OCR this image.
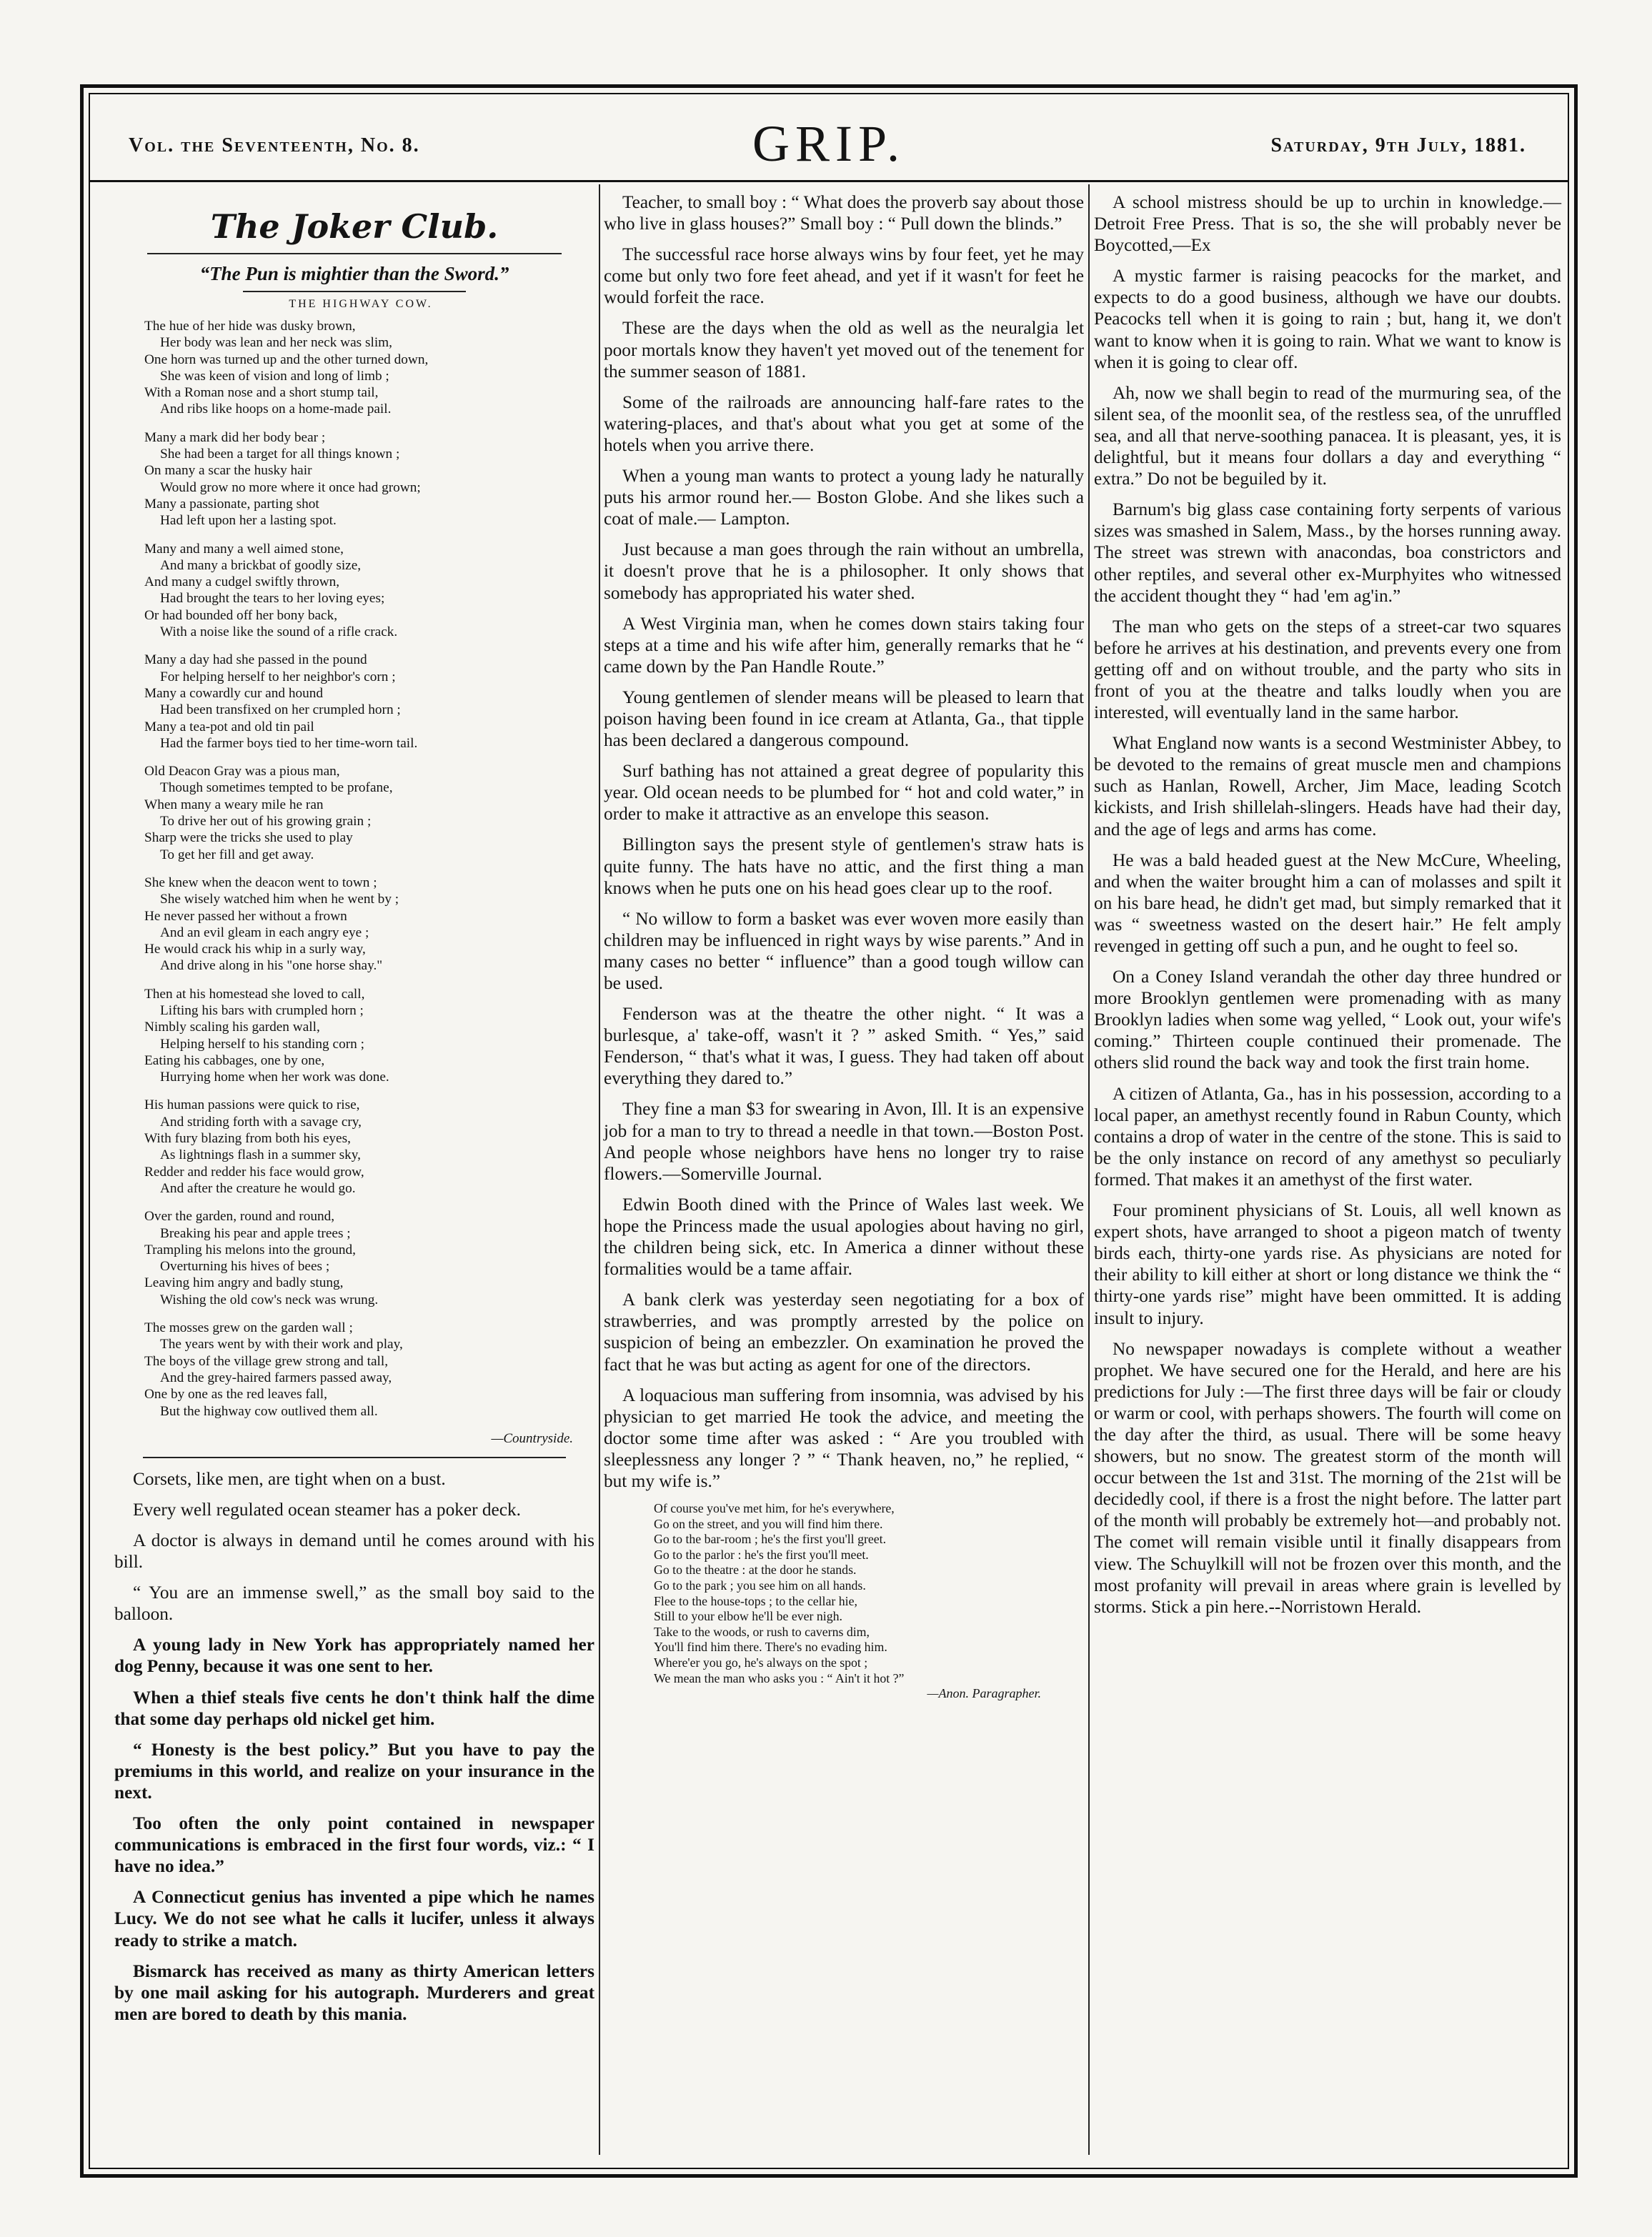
Vol. the Seventeenth, No. 8.	GRIP.	Saturday, 9th July, 1881.
The Joker Club.
“The Pun is mightier than the Sword.”
THE HIGHWAY COW.
The hue of her hide was dusky brown,
Her body was lean and her neck was slim,
One horn was turned up and the other turned down,
She was keen of vision and long of limb ;
With a Roman nose and a short stump tail,
And ribs like hoops on a home-made pail.
Many a mark did her body bear ;
She had been a target for all things known ;
On many a scar the husky hair
Would grow no more where it once had grown;
Many a passionate, parting shot
Had left upon her a lasting spot.
Many and many a well aimed stone,
And many a brickbat of goodly size,
And many a cudgel swiftly thrown,
Had brought the tears to her loving eyes;
Or had bounded off her bony back,
With a noise like the sound of a rifle crack.
Many a day had she passed in the pound
For helping herself to her neighbor's corn ;
Many a cowardly cur and hound
Had been transfixed on her crumpled horn ;
Many a tea-pot and old tin pail
Had the farmer boys tied to her time-worn tail.
Old Deacon Gray was a pious man,
Though sometimes tempted to be profane,
When many a weary mile he ran
To drive her out of his growing grain ;
Sharp were the tricks she used to play
To get her fill and get away.
She knew when the deacon went to town ;
She wisely watched him when he went by ;
He never passed her without a frown
And an evil gleam in each angry eye ;
He would crack his whip in a surly way,
And drive along in his "one horse shay."
Then at his homestead she loved to call,
Lifting his bars with crumpled horn ;
Nimbly scaling his garden wall,
Helping herself to his standing corn ;
Eating his cabbages, one by one,
Hurrying home when her work was done.
His human passions were quick to rise,
And striding forth with a savage cry,
With fury blazing from both his eyes,
As lightnings flash in a summer sky,
Redder and redder his face would grow,
And after the creature he would go.
Over the garden, round and round,
Breaking his pear and apple trees ;
Trampling his melons into the ground,
Overturning his hives of bees ;
Leaving him angry and badly stung,
Wishing the old cow's neck was wrung.
The mosses grew on the garden wall ;
The years went by with their work and play,
The boys of the village grew strong and tall,
And the grey-haired farmers passed away,
One by one as the red leaves fall,
But the highway cow outlived them all.
—Countryside.

Corsets, like men, are tight when on a bust.

Every well regulated ocean steamer has a poker deck.

A doctor is always in demand until he comes around with his bill.

“ You are an immense swell,” as the small boy said to the balloon.

A young lady in New York has appropriately named her dog Penny, because it was one sent to her.

When a thief steals five cents he don't think half the dime that some day perhaps old nickel get him.

“ Honesty is the best policy.” But you have to pay the premiums in this world, and realize on your insurance in the next.

Too often the only point contained in newspaper communications is embraced in the first four words, viz.: “ I have no idea.”

A Connecticut genius has invented a pipe which he names Lucy. We do not see what he calls it lucifer, unless it always ready to strike a match.

Bismarck has received as many as thirty American letters by one mail asking for his autograph. Murderers and great men are bored to death by this mania.

Teacher, to small boy : “ What does the proverb say about those who live in glass houses?” Small boy : “ Pull down the blinds.”

The successful race horse always wins by four feet, yet he may come but only two fore feet ahead, and yet if it wasn't for feet he would forfeit the race.

These are the days when the old as well as the neuralgia let poor mortals know they haven't yet moved out of the tenement for the summer season of 1881.

Some of the railroads are announcing half-fare rates to the watering-places, and that's about what you get at some of the hotels when you arrive there.

When a young man wants to protect a young lady he naturally puts his armor round her.— Boston Globe. And she likes such a coat of male.— Lampton.

Just because a man goes through the rain without an umbrella, it doesn't prove that he is a philosopher. It only shows that somebody has appropriated his water shed.

A West Virginia man, when he comes down stairs taking four steps at a time and his wife after him, generally remarks that he “ came down by the Pan Handle Route.”

Young gentlemen of slender means will be pleased to learn that poison having been found in ice cream at Atlanta, Ga., that tipple has been declared a dangerous compound.

Surf bathing has not attained a great degree of popularity this year. Old ocean needs to be plumbed for “ hot and cold water,” in order to make it attractive as an envelope this season.

Billington says the present style of gentlemen's straw hats is quite funny. The hats have no attic, and the first thing a man knows when he puts one on his head goes clear up to the roof.

“ No willow to form a basket was ever woven more easily than children may be influenced in right ways by wise parents.” And in many cases no better “ influence” than a good tough willow can be used.

Fenderson was at the theatre the other night. “ It was a burlesque, a' take-off, wasn't it ? ” asked Smith. “ Yes,” said Fenderson, “ that's what it was, I guess. They had taken off about everything they dared to.”

They fine a man $3 for swearing in Avon, Ill. It is an expensive job for a man to try to thread a needle in that town.—Boston Post. And people whose neighbors have hens no longer try to raise flowers.—Somerville Journal.

Edwin Booth dined with the Prince of Wales last week. We hope the Princess made the usual apologies about having no girl, the children being sick, etc. In America a dinner without these formalities would be a tame affair.

A bank clerk was yesterday seen negotiating for a box of strawberries, and was promptly arrested by the police on suspicion of being an embezzler. On examination he proved the fact that he was but acting as agent for one of the directors.

A loquacious man suffering from insomnia, was advised by his physician to get married He took the advice, and meeting the doctor some time after was asked : “ Are you troubled with sleeplessness any longer ? ” “ Thank heaven, no,” he replied, “ but my wife is.”

Of course you've met him, for he's everywhere,
Go on the street, and you will find him there.
Go to the bar-room ; he's the first you'll greet.
Go to the parlor : he's the first you'll meet.
Go to the theatre : at the door he stands.
Go to the park ; you see him on all hands.
Flee to the house-tops ; to the cellar hie,
Still to your elbow he'll be ever nigh.
Take to the woods, or rush to caverns dim,
You'll find him there. There's no evading him.
Where'er you go, he's always on the spot ;
We mean the man who asks you : “ Ain't it hot ?”
—Anon. Paragrapher.

A school mistress should be up to urchin in knowledge.—Detroit Free Press. That is so, the she will probably never be Boycotted,—Ex

A mystic farmer is raising peacocks for the market, and expects to do a good business, although we have our doubts. Peacocks tell when it is going to rain ; but, hang it, we don't want to know when it is going to rain. What we want to know is when it is going to clear off.

Ah, now we shall begin to read of the murmuring sea, of the silent sea, of the moonlit sea, of the restless sea, of the unruffled sea, and all that nerve-soothing panacea. It is pleasant, yes, it is delightful, but it means four dollars a day and everything “ extra.” Do not be beguiled by it.

Barnum's big glass case containing forty serpents of various sizes was smashed in Salem, Mass., by the horses running away. The street was strewn with anacondas, boa constrictors and other reptiles, and several other ex-Murphyites who witnessed the accident thought they “ had 'em ag'in.”

The man who gets on the steps of a street-car two squares before he arrives at his destination, and prevents every one from getting off and on without trouble, and the party who sits in front of you at the theatre and talks loudly when you are interested, will eventually land in the same harbor.

What England now wants is a second Westminister Abbey, to be devoted to the remains of great muscle men and champions such as Hanlan, Rowell, Archer, Jim Mace, leading Scotch kickists, and Irish shillelah-slingers. Heads have had their day, and the age of legs and arms has come.

He was a bald headed guest at the New McCure, Wheeling, and when the waiter brought him a can of molasses and spilt it on his bare head, he didn't get mad, but simply remarked that it was “ sweetness wasted on the desert hair.” He felt amply revenged in getting off such a pun, and he ought to feel so.

On a Coney Island verandah the other day three hundred or more Brooklyn gentlemen were promenading with as many Brooklyn ladies when some wag yelled, “ Look out, your wife's coming.” Thirteen couple continued their promenade. The others slid round the back way and took the first train home.

A citizen of Atlanta, Ga., has in his possession, according to a local paper, an amethyst recently found in Rabun County, which contains a drop of water in the centre of the stone. This is said to be the only instance on record of any amethyst so peculiarly formed. That makes it an amethyst of the first water.

Four prominent physicians of St. Louis, all well known as expert shots, have arranged to shoot a pigeon match of twenty birds each, thirty-one yards rise. As physicians are noted for their ability to kill either at short or long distance we think the “ thirty-one yards rise” might have been ommitted. It is adding insult to injury.

No newspaper nowadays is complete without a weather prophet. We have secured one for the Herald, and here are his predictions for July :—The first three days will be fair or cloudy or warm or cool, with perhaps showers. The fourth will come on the day after the third, as usual. There will be some heavy showers, but no snow. The greatest storm of the month will occur between the 1st and 31st. The morning of the 21st will be decidedly cool, if there is a frost the night before. The latter part of the month will probably be extremely hot—and probably not. The comet will remain visible until it finally disappears from view. The Schuylkill will not be frozen over this month, and the most profanity will prevail in areas where grain is levelled by storms. Stick a pin here.--Norristown Herald.
